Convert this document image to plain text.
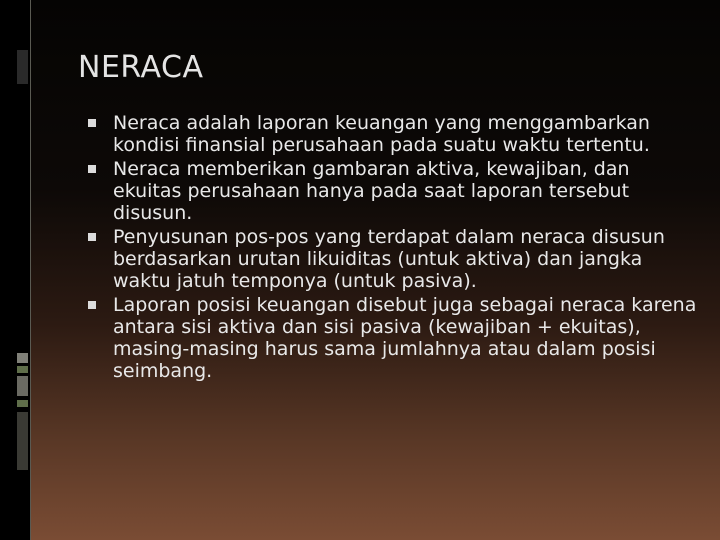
NERACA
Neraca adalah laporan keuangan yang menggambarkan kondisi finansial perusahaan pada suatu waktu tertentu.
Neraca memberikan gambaran aktiva, kewajiban, dan ekuitas perusahaan hanya pada saat laporan tersebut disusun.
Penyusunan pos-pos yang terdapat dalam neraca disusun berdasarkan urutan likuiditas (untuk aktiva) dan jangka waktu jatuh temponya (untuk pasiva).
Laporan posisi keuangan disebut juga sebagai neraca karena antara sisi aktiva dan sisi pasiva (kewajiban + ekuitas), masing-masing harus sama jumlahnya atau dalam posisi seimbang.
